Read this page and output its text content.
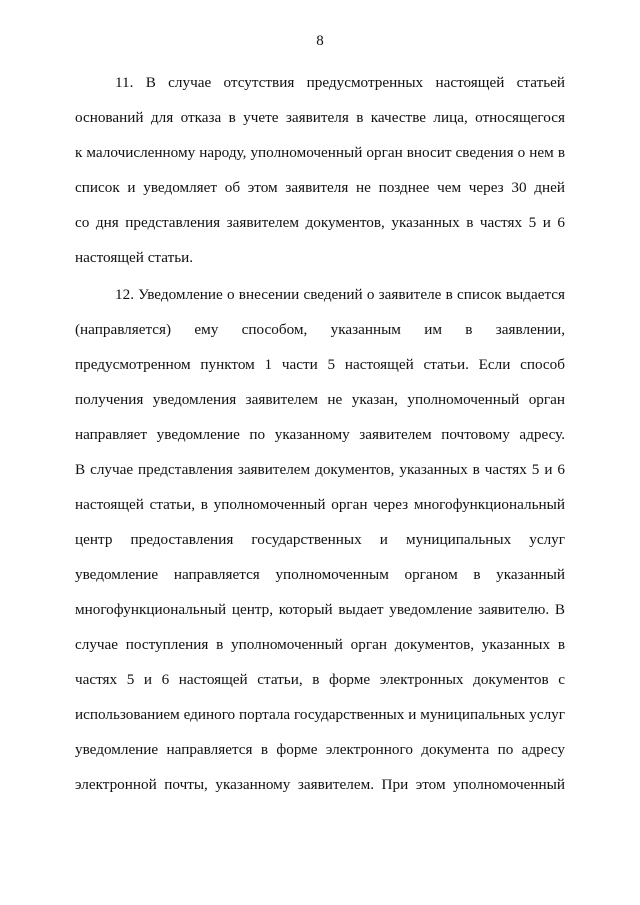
8
11. В случае отсутствия предусмотренных настоящей статьей
оснований для отказа в учете заявителя в качестве лица, относящегося
к малочисленному народу, уполномоченный орган вносит сведения о нем в
список и уведомляет об этом заявителя не позднее чем через 30 дней
со дня представления заявителем документов, указанных в частях 5 и 6
настоящей статьи.
12. Уведомление о внесении сведений о заявителе в список выдается
(направляется) ему способом, указанным им в заявлении,
предусмотренном пунктом 1 части 5 настоящей статьи. Если способ
получения уведомления заявителем не указан, уполномоченный орган
направляет уведомление по указанному заявителем почтовому адресу.
В случае представления заявителем документов, указанных в частях 5 и 6
настоящей статьи, в уполномоченный орган через многофункциональный
центр предоставления государственных и муниципальных услуг
уведомление направляется уполномоченным органом в указанный
многофункциональный центр, который выдает уведомление заявителю. В
случае поступления в уполномоченный орган документов, указанных в
частях 5 и 6 настоящей статьи, в форме электронных документов с
использованием единого портала государственных и муниципальных услуг
уведомление направляется в форме электронного документа по адресу
электронной почты, указанному заявителем. При этом уполномоченный
